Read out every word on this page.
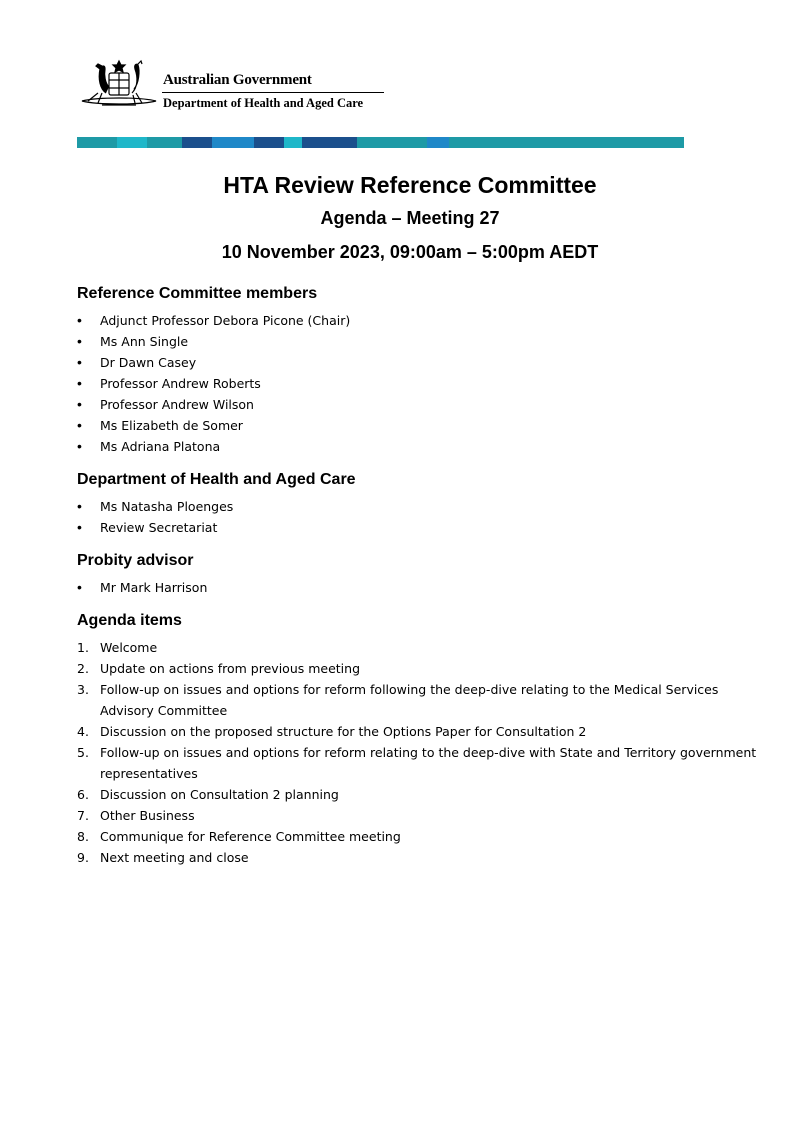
Australian Government
Department of Health and Aged Care
HTA Review Reference Committee
Agenda – Meeting 27
10 November 2023, 09:00am – 5:00pm AEDT
Reference Committee members
• Adjunct Professor Debora Picone (Chair)
• Ms Ann Single
• Dr Dawn Casey
• Professor Andrew Roberts
• Professor Andrew Wilson
• Ms Elizabeth de Somer
• Ms Adriana Platona
Department of Health and Aged Care
• Ms Natasha Ploenges
• Review Secretariat
Probity advisor
• Mr Mark Harrison
Agenda items
1. Welcome
2. Update on actions from previous meeting
3. Follow-up on issues and options for reform following the deep-dive relating to the Medical Services Advisory Committee
4. Discussion on the proposed structure for the Options Paper for Consultation 2
5. Follow-up on issues and options for reform relating to the deep-dive with State and Territory government representatives
6. Discussion on Consultation 2 planning
7. Other Business
8. Communique for Reference Committee meeting
9. Next meeting and close
